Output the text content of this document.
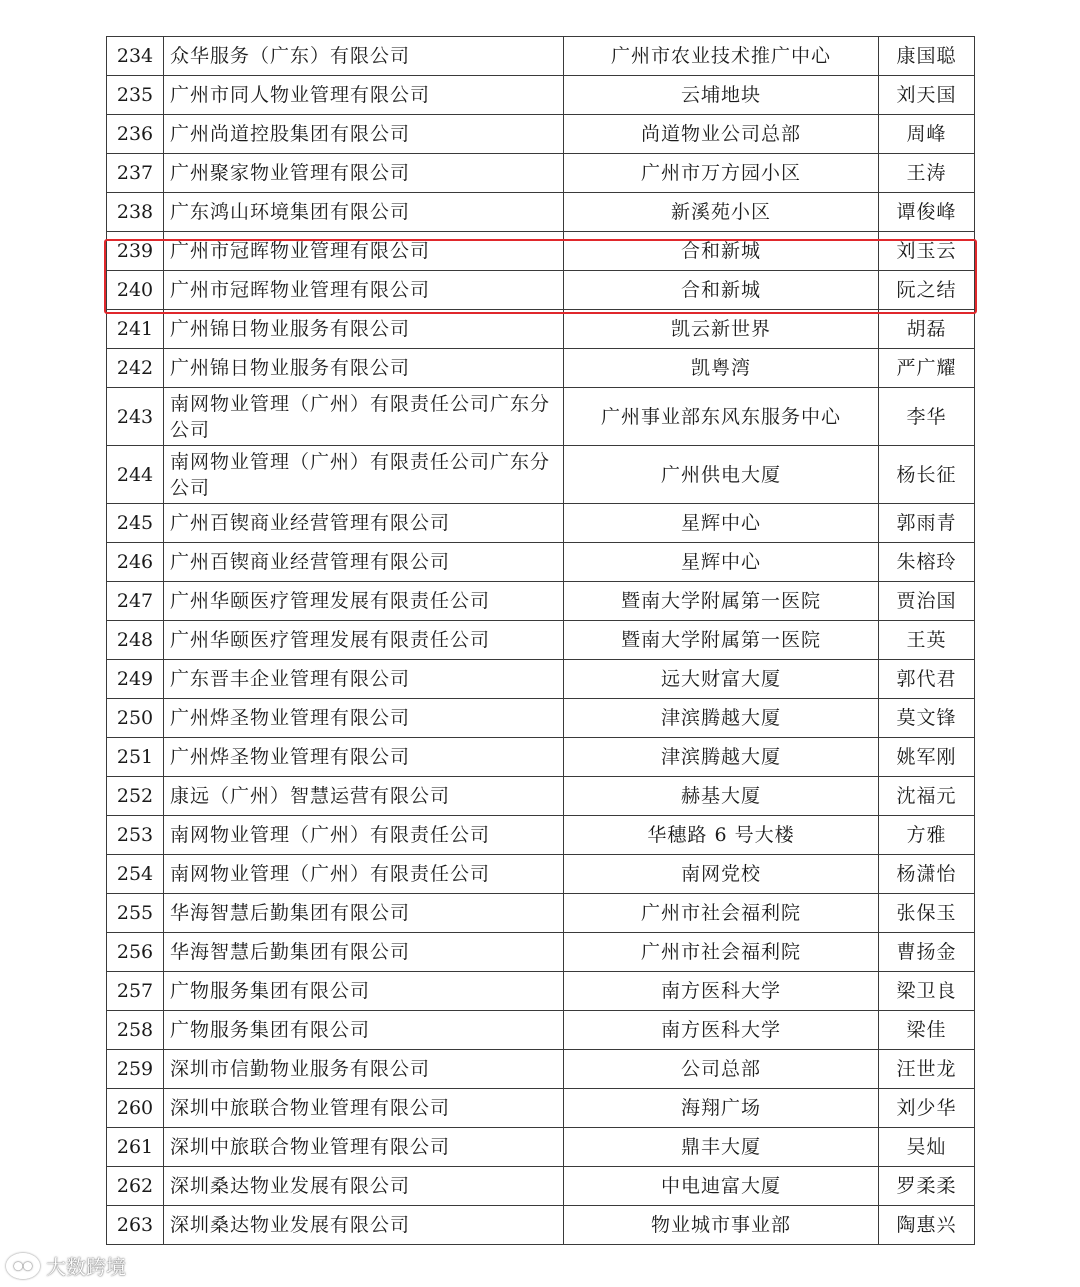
234	众华服务（广东）有限公司	广州市农业技术推广中心	康国聪
235	广州市同人物业管理有限公司	云埔地块	刘天国
236	广州尚道控股集团有限公司	尚道物业公司总部	周峰
237	广州聚家物业管理有限公司	广州市万方园小区	王涛
238	广东鸿山环境集团有限公司	新溪苑小区	谭俊峰
239	广州市冠晖物业管理有限公司	合和新城	刘玉云
240	广州市冠晖物业管理有限公司	合和新城	阮之结
241	广州锦日物业服务有限公司	凯云新世界	胡磊
242	广州锦日物业服务有限公司	凯粤湾	严广耀
243	南网物业管理（广州）有限责任公司广东分公司	广州事业部东风东服务中心	李华
244	南网物业管理（广州）有限责任公司广东分公司	广州供电大厦	杨长征
245	广州百锲商业经营管理有限公司	星辉中心	郭雨青
246	广州百锲商业经营管理有限公司	星辉中心	朱榕玲
247	广州华颐医疗管理发展有限责任公司	暨南大学附属第一医院	贾治国
248	广州华颐医疗管理发展有限责任公司	暨南大学附属第一医院	王英
249	广东晋丰企业管理有限公司	远大财富大厦	郭代君
250	广州烨圣物业管理有限公司	津滨腾越大厦	莫文锋
251	广州烨圣物业管理有限公司	津滨腾越大厦	姚军刚
252	康远（广州）智慧运营有限公司	赫基大厦	沈福元
253	南网物业管理（广州）有限责任公司	华穗路 6 号大楼	方雅
254	南网物业管理（广州）有限责任公司	南网党校	杨潇怡
255	华海智慧后勤集团有限公司	广州市社会福利院	张保玉
256	华海智慧后勤集团有限公司	广州市社会福利院	曹扬金
257	广物服务集团有限公司	南方医科大学	梁卫良
258	广物服务集团有限公司	南方医科大学	梁佳
259	深圳市信勤物业服务有限公司	公司总部	汪世龙
260	深圳中旅联合物业管理有限公司	海翔广场	刘少华
261	深圳中旅联合物业管理有限公司	鼎丰大厦	吴灿
262	深圳桑达物业发展有限公司	中电迪富大厦	罗柔柔
263	深圳桑达物业发展有限公司	物业城市事业部	陶惠兴
●● 大数跨境
